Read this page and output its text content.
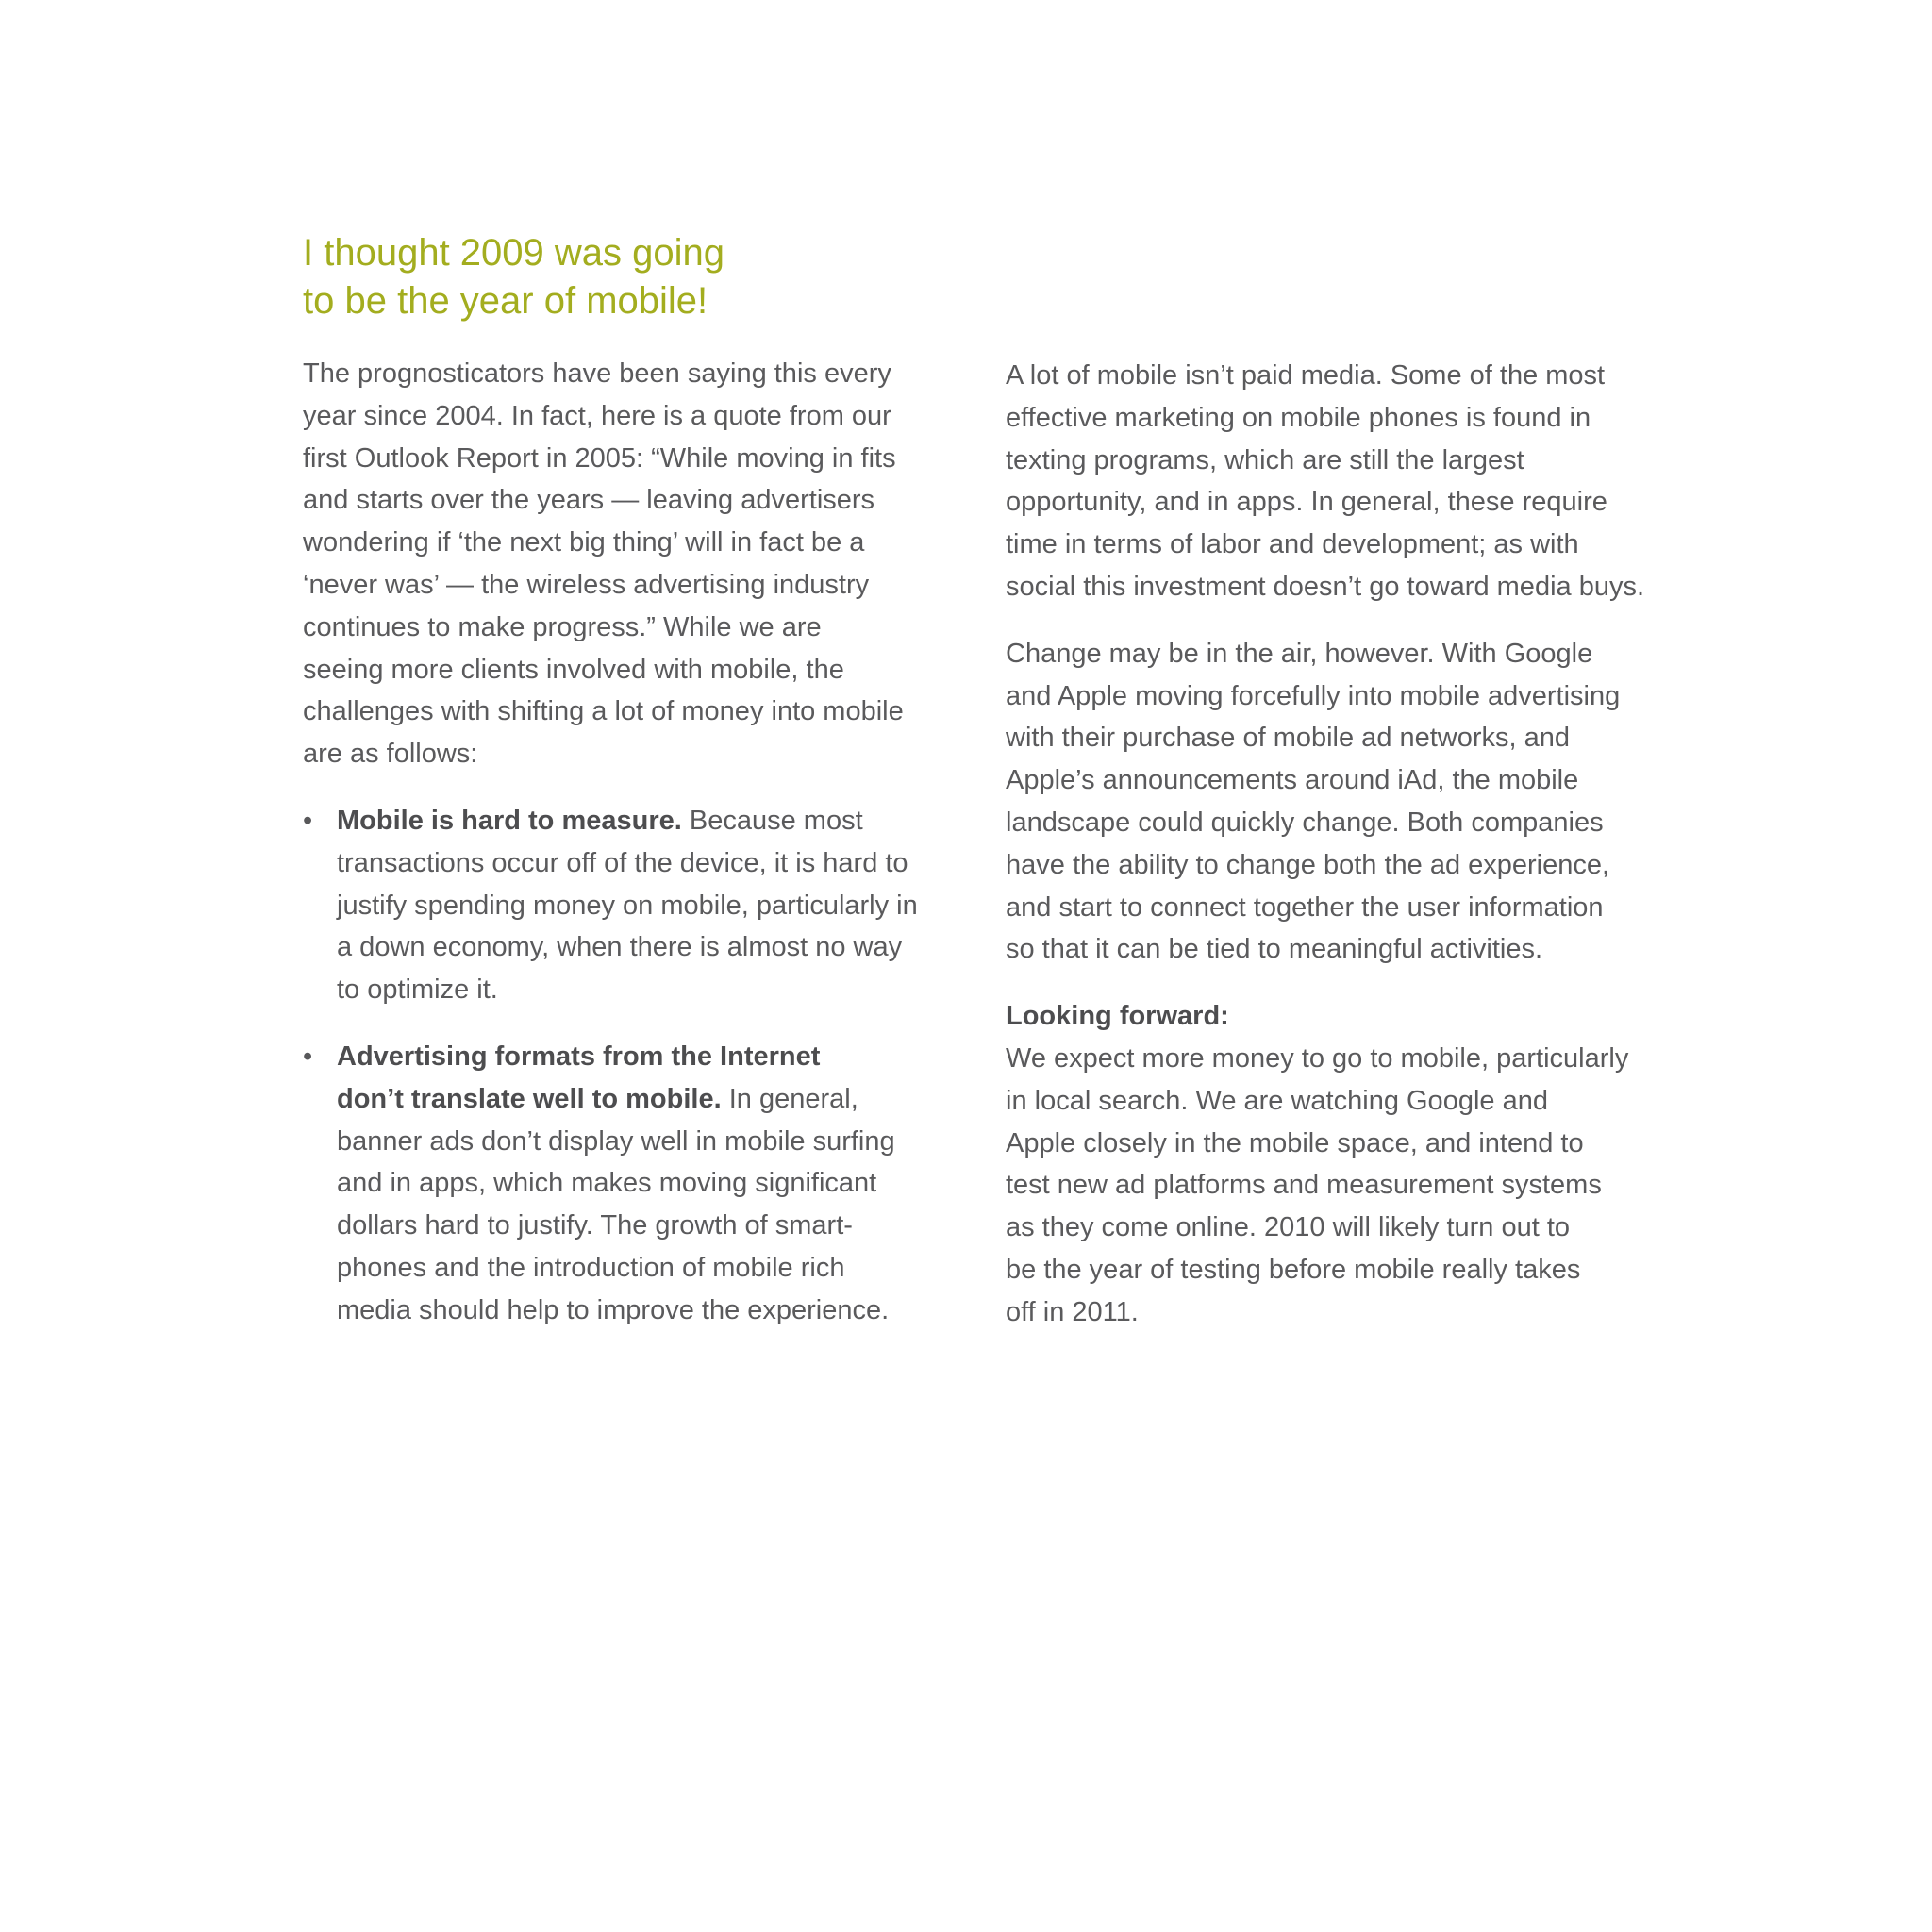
I thought 2009 was going
to be the year of mobile!

The prognosticators have been saying this every
year since 2004. In fact, here is a quote from our
first Outlook Report in 2005: “While moving in fits
and starts over the years — leaving advertisers
wondering if ‘the next big thing’ will in fact be a
‘never was’ — the wireless advertising industry
continues to make progress.” While we are
seeing more clients involved with mobile, the
challenges with shifting a lot of money into mobile
are as follows:

• Mobile is hard to measure. Because most
transactions occur off of the device, it is hard to
justify spending money on mobile, particularly in
a down economy, when there is almost no way
to optimize it.
• Advertising formats from the Internet
don’t translate well to mobile. In general,
banner ads don’t display well in mobile surfing
and in apps, which makes moving significant
dollars hard to justify. The growth of smart-
phones and the introduction of mobile rich
media should help to improve the experience.

A lot of mobile isn’t paid media. Some of the most
effective marketing on mobile phones is found in
texting programs, which are still the largest
opportunity, and in apps. In general, these require
time in terms of labor and development; as with
social this investment doesn’t go toward media buys.

Change may be in the air, however. With Google
and Apple moving forcefully into mobile advertising
with their purchase of mobile ad networks, and
Apple’s announcements around iAd, the mobile
landscape could quickly change. Both companies
have the ability to change both the ad experience,
and start to connect together the user information
so that it can be tied to meaningful activities.

Looking forward:

We expect more money to go to mobile, particularly
in local search. We are watching Google and
Apple closely in the mobile space, and intend to
test new ad platforms and measurement systems
as they come online. 2010 will likely turn out to
be the year of testing before mobile really takes
off in 2011.
